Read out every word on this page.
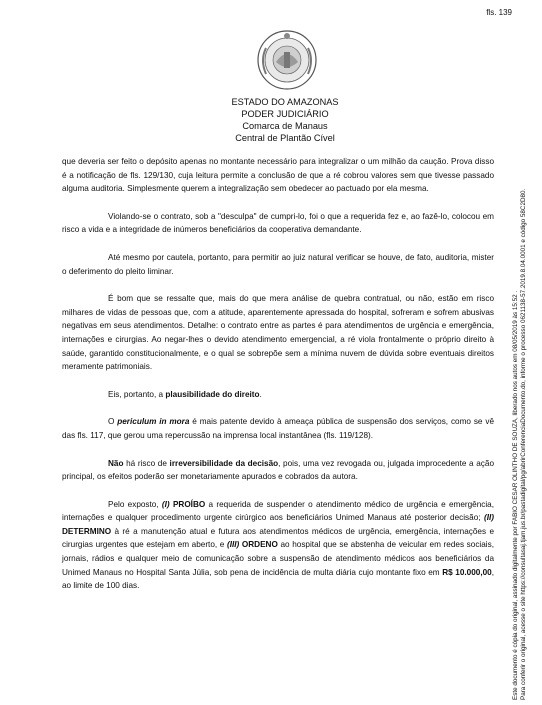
fls. 139
ESTADO DO AMAZONAS
PODER JUDICIÁRIO
Comarca de Manaus
Central de Plantão Cível

que deveria ser feito o depósito apenas no montante necessário para integralizar o um milhão da caução. Prova disso é a notificação de fls. 129/130, cuja leitura permite a conclusão de que a ré cobrou valores sem que tivesse passado alguma auditoria. Simplesmente querem a integralização sem obedecer ao pactuado por ela mesma.

Violando-se o contrato, sob a "desculpa" de cumpri-lo, foi o que a requerida fez e, ao fazê-lo, colocou em risco a vida e a integridade de inúmeros beneficiários da cooperativa demandante.

Até mesmo por cautela, portanto, para permitir ao juiz natural verificar se houve, de fato, auditoria, mister o deferimento do pleito liminar.

É bom que se ressalte que, mais do que mera análise de quebra contratual, ou não, estão em risco milhares de vidas de pessoas que, com a atitude, aparentemente apressada do hospital, sofreram e sofrem abusivas negativas em seus atendimentos. Detalhe: o contrato entre as partes é para atendimentos de urgência e emergência, internações e cirurgias. Ao negar-lhes o devido atendimento emergencial, a ré viola frontalmente o próprio direito à saúde, garantido constitucionalmente, e o qual se sobrepõe sem a mínima nuvem de dúvida sobre eventuais direitos meramente patrimoniais.

Eis, portanto, a plausibilidade do direito.

O periculum in mora é mais patente devido à ameaça pública de suspensão dos serviços, como se vê das fls. 117, que gerou uma repercussão na imprensa local instantânea (fls. 119/128).

Não há risco de irreversibilidade da decisão, pois, uma vez revogada ou, julgada improcedente a ação principal, os efeitos poderão ser monetariamente apurados e cobrados da autora.

Pelo exposto, (I) PROÍBO a requerida de suspender o atendimento médico de urgência e emergência, internações e qualquer procedimento urgente cirúrgico aos beneficiários Unimed Manaus até posterior decisão; (II) DETERMINO à ré a manutenção atual e futura aos atendimentos médicos de urgência, emergência, internações e cirurgias urgentes que estejam em aberto, e (III) ORDENO ao hospital que se abstenha de veicular em redes sociais, jornais, rádios e qualquer meio de comunicação sobre a suspensão de atendimento médicos aos beneficiários da Unimed Manaus no Hospital Santa Júlia, sob pena de incidência de multa diária cujo montante fixo em R$ 10.000,00, ao limite de 100 dias.	Este documento é cópia do original, assinado digitalmente por FABIO CESAR OLINTHO DE SOUZA, liberado nos autos em 08/05/2019 às 15:52 . Para conferir o original, acesse o site https://consultasaj.tjam.jus.br/pastadigital/pg/abrirConferenciaDocumento.do, informe o processo 0621138-57.2019.8.04.0001 e código 58C2D80.
